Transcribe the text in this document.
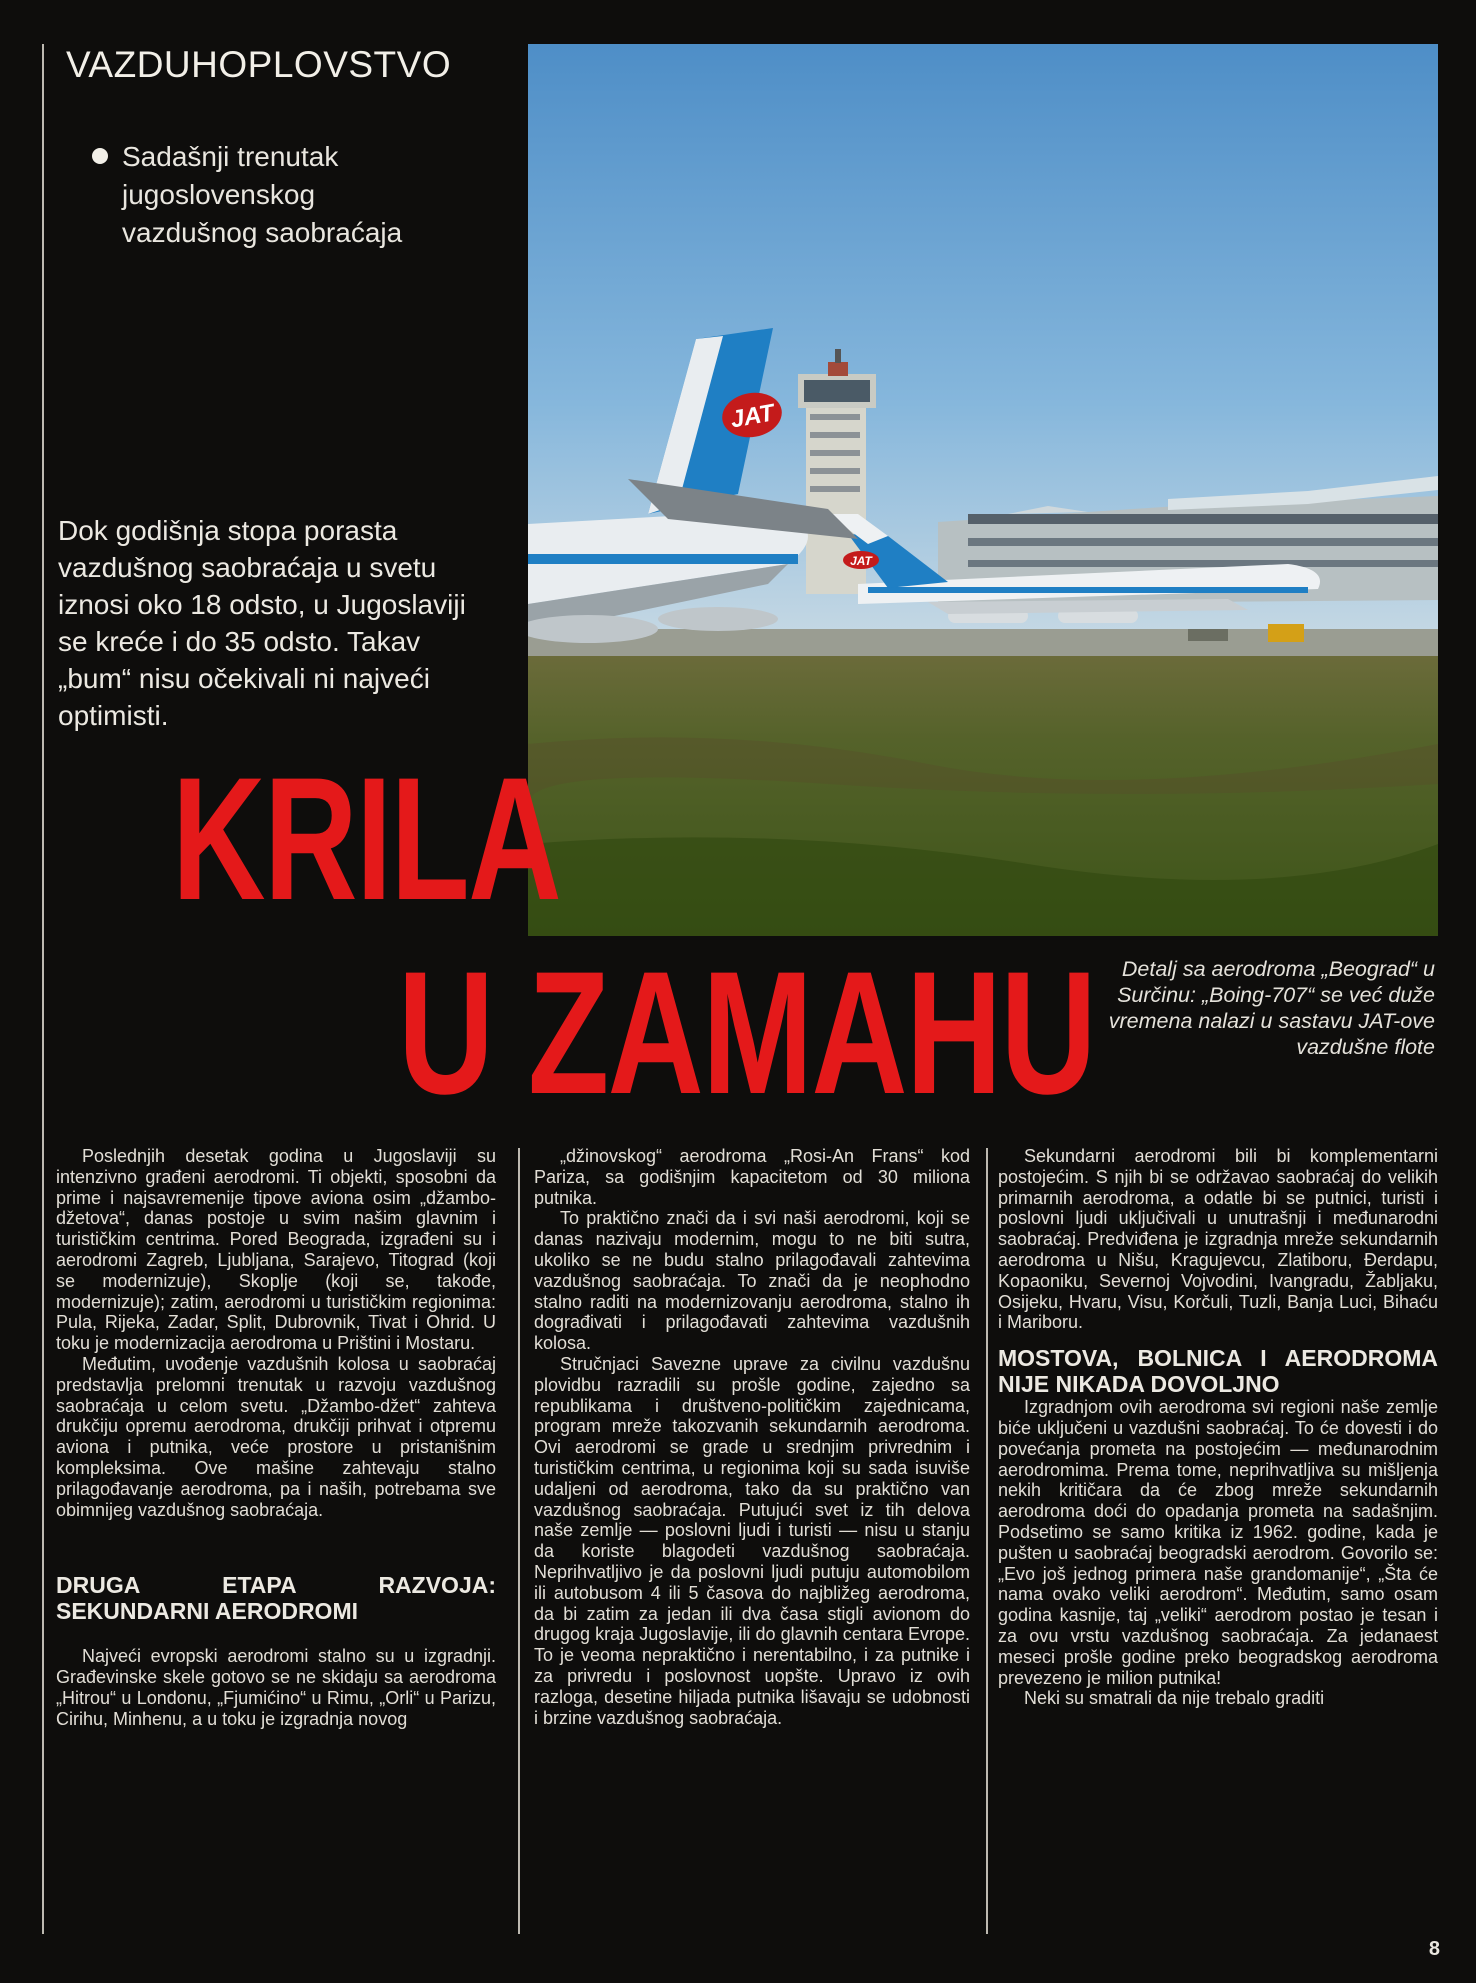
VAZDUHOPLOVSTVO
Sadašnji trenutak jugoslovenskog vazdušnog saobraćaja
Dok godišnja stopa porasta vazdušnog saobraćaja u svetu iznosi oko 18 odsto, u Jugoslaviji se kreće i do 35 odsto. Takav „bum“ nisu očekivali ni najveći optimisti.
JAT
JAT
KRILA
U ZAMAHU	Detalj sa aerodroma „Beograd“ u Surčinu: „Boing-707“ se već duže vremena nalazi u sastavu JAT-ove vazdušne flote

Poslednjih desetak godina u Jugoslaviji su intenzivno građeni aerodromi. Ti objekti, sposobni da prime i najsavremenije tipove aviona osim „džambo-džetova“, danas postoje u svim našim glavnim i turističkim centrima. Pored Beograda, izgrađeni su i aerodromi Zagreb, Ljubljana, Sarajevo, Titograd (koji se modernizuje), Skoplje (koji se, takođe, modernizuje); zatim, aerodromi u turističkim regionima: Pula, Rijeka, Zadar, Split, Dubrovnik, Tivat i Ohrid. U toku je modernizacija aerodroma u Prištini i Mostaru.

Međutim, uvođenje vazdušnih kolosa u saobraćaj predstavlja prelomni trenutak u razvoju vazdušnog saobraćaja u celom svetu. „Džambo-džet“ zahteva drukčiju opremu aerodroma, drukčiji prihvat i otpremu aviona i putnika, veće prostore u pristanišnim kompleksima. Ove mašine zahtevaju stalno prilagođavanje aerodroma, pa i naših, potrebama sve obimnijeg vazdušnog saobraćaja.

DRUGA ETAPA RAZVOJA: SEKUNDARNI AERODROMI

Najveći evropski aerodromi stalno su u izgradnji. Građevinske skele gotovo se ne skidaju sa aerodroma „Hitrou“ u Londonu, „Fjumićino“ u Rimu, „Orli“ u Parizu, Cirihu, Minhenu, a u toku je izgradnja novog

„džinovskog“ aerodroma „Rosi-An Frans“ kod Pariza, sa godišnjim kapacitetom od 30 miliona putnika.

To praktično znači da i svi naši aerodromi, koji se danas nazivaju modernim, mogu to ne biti sutra, ukoliko se ne budu stalno prilagođavali zahtevima vazdušnog saobraćaja. To znači da je neophodno stalno raditi na modernizovanju aerodroma, stalno ih dograđivati i prilagođavati zahtevima vazdušnih kolosa.

Stručnjaci Savezne uprave za civilnu vazdušnu plovidbu razradili su prošle godine, zajedno sa republikama i društveno-političkim zajednicama, program mreže takozvanih sekundarnih aerodroma. Ovi aerodromi se grade u srednjim privrednim i turističkim centrima, u regionima koji su sada isuviše udaljeni od aerodroma, tako da su praktično van vazdušnog saobraćaja. Putujući svet iz tih delova naše zemlje — poslovni ljudi i turisti — nisu u stanju da koriste blagodeti vazdušnog saobraćaja. Neprihvatljivo je da poslovni ljudi putuju automobilom ili autobusom 4 ili 5 časova do najbližeg aerodroma, da bi zatim za jedan ili dva časa stigli avionom do drugog kraja Jugoslavije, ili do glavnih centara Evrope. To je veoma nepraktično i nerentabilno, i za putnike i za privredu i poslovnost uopšte. Upravo iz ovih razloga, desetine hiljada putnika lišavaju se udobnosti i brzine vazdušnog saobraćaja.

Sekundarni aerodromi bili bi komplementarni postojećim. S njih bi se održavao saobraćaj do velikih primarnih aerodroma, a odatle bi se putnici, turisti i poslovni ljudi uključivali u unutrašnji i međunarodni saobraćaj. Predviđena je izgradnja mreže sekundarnih aerodroma u Nišu, Kragujevcu, Zlatiboru, Đerdapu, Kopaoniku, Severnoj Vojvodini, Ivangradu, Žabljaku, Osijeku, Hvaru, Visu, Korčuli, Tuzli, Banja Luci, Bihaću i Mariboru.

MOSTOVA, BOLNICA I AERODROMA NIJE NIKADA DOVOLJNO

Izgradnjom ovih aerodroma svi regioni naše zemlje biće uključeni u vazdušni saobraćaj. To će dovesti i do povećanja prometa na postojećim — međunarodnim aerodromima. Prema tome, neprihvatljiva su mišljenja nekih kritičara da će zbog mreže sekundarnih aerodroma doći do opadanja prometa na sadašnjim. Podsetimo se samo kritika iz 1962. godine, kada je pušten u saobraćaj beogradski aerodrom. Govorilo se: „Evo još jednog primera naše grandomanije“, „Šta će nama ovako veliki aerodrom“. Međutim, samo osam godina kasnije, taj „veliki“ aerodrom postao je tesan i za ovu vrstu vazdušnog saobraćaja. Za jedanaest meseci prošle godine preko beogradskog aerodroma prevezeno je milion putnika!

Neki su smatrali da nije trebalo graditi

8
